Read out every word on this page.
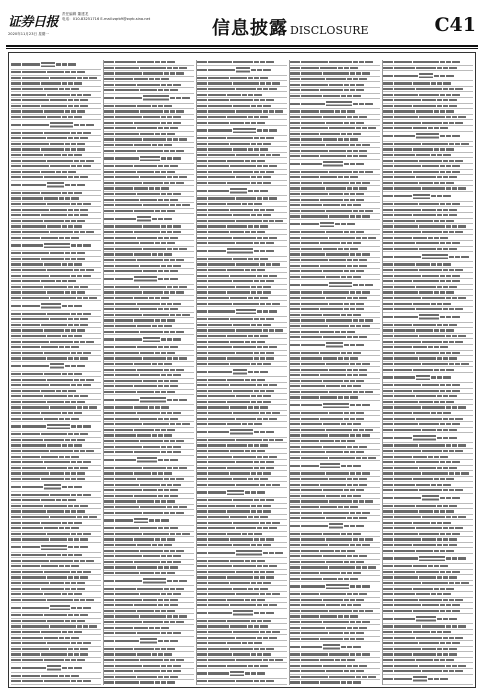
证券日报
责任编辑 董建龙
电话：010-83251716 E-mail:zqrb9@zqrb.sina.net
2020年11月23日 星期一	信息披露 DISCLOSURE	C41
